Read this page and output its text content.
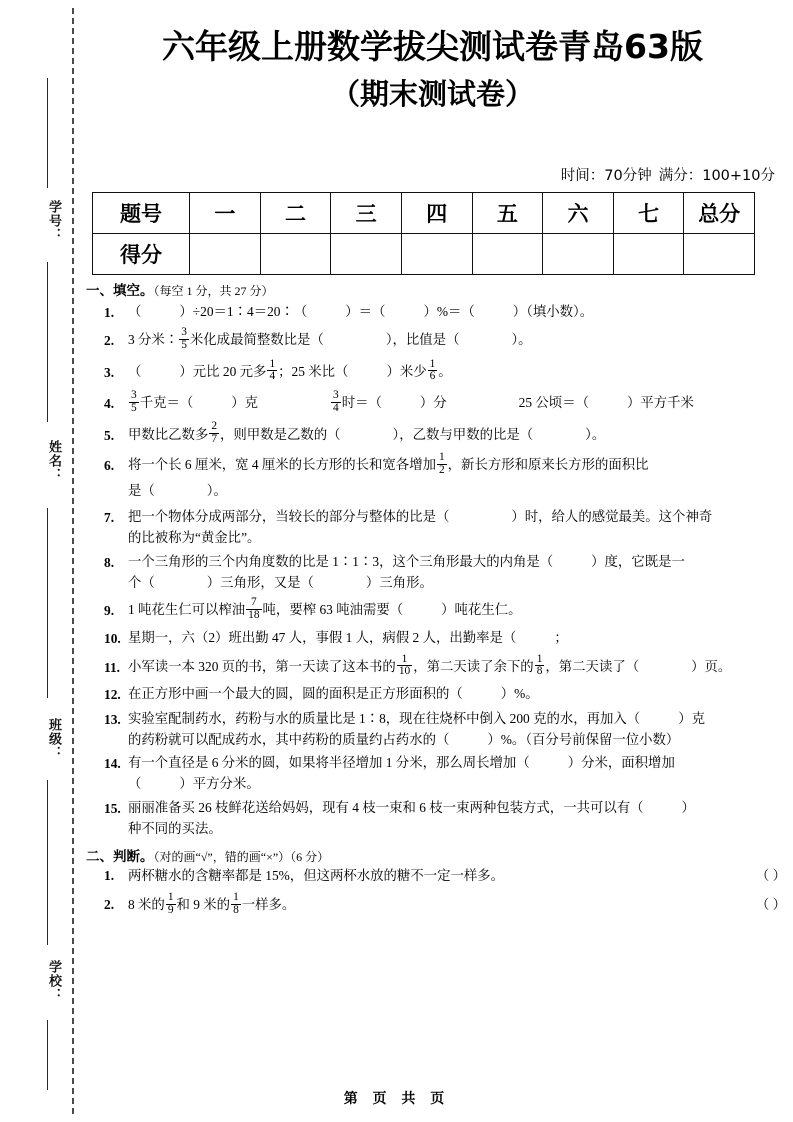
学号：
姓名：
班级：
学校：
六年级上册数学拔尖测试卷青岛63版
（期末测试卷）
时间：70分钟 满分：100+10分
题号	一	二	三	四	五	六	七	总分
得分								
一、填空。（每空 1 分，共 27 分）
1.	（	）÷20＝1∶4＝20∶（	）＝（	）%＝（	）（填小数）。
2.	3 分米∶ $\frac{3}{5}$ 米化成最简整数比是（	），比值是（	）。
3.	（	）元比 20 元多 $\frac{1}{4}$ ；25 米比（	）米少 $\frac{1}{6}$ 。
4.	$\frac{3}{5}$ 千克＝（	）克	$\frac{3}{4}$ 时＝（	）分	25 公顷＝（	）平方千米
5.	甲数比乙数多 $\frac{2}{7}$ ，则甲数是乙数的（	），乙数与甲数的比是（	）。
6.	将一个长 6 厘米，宽 4 厘米的长方形的长和宽各增加 $\frac{1}{2}$ ，新长方形和原来长方形的面积比
是（	）。
7.	把一个物体分成两部分，当较长的部分与整体的比是（	）时，给人的感觉最美。这个神奇
的比被称为“黄金比”。
8.	一个三角形的三个内角度数的比是 1∶1∶3，这个三角形最大的内角是（	）度，它既是一
个（	）三角形，又是（	）三角形。
9.	1 吨花生仁可以榨油 $\frac{7}{18}$ 吨，要榨 63 吨油需要（	）吨花生仁。
10. 星期一，六（2）班出勤 47 人，事假 1 人，病假 2 人，出勤率是（	；
11. 小军读一本 320 页的书，第一天读了这本书的 $\frac{1}{10}$ ，第二天读了余下的 $\frac{1}{8}$ ，第二天读了（	）页。
12. 在正方形中画一个最大的圆，圆的面积是正方形面积的（	）%。
13. 实验室配制药水，药粉与水的质量比是 1∶8，现在往烧杯中倒入 200 克的水，再加入（	）克
的药粉就可以配成药水，其中药粉的质量约占药水的（	）%。（百分号前保留一位小数）
14. 有一个直径是 6 分米的圆，如果将半径增加 1 分米，那么周长增加（	）分米，面积增加
（	）平方分米。
15. 丽丽准备买 26 枝鲜花送给妈妈，现有 4 枝一束和 6 枝一束两种包装方式，一共可以有（	）
种不同的买法。
二、判断。（对的画“√”，错的画“×”）（6 分）
1.	两杯糖水的含糖率都是 15%，但这两杯水放的糖不一定一样多。	（ ）
2.	8 米的 $\frac{1}{9}$ 和 9 米的 $\frac{1}{8}$ 一样多。	（ ）
第 页 共 页
